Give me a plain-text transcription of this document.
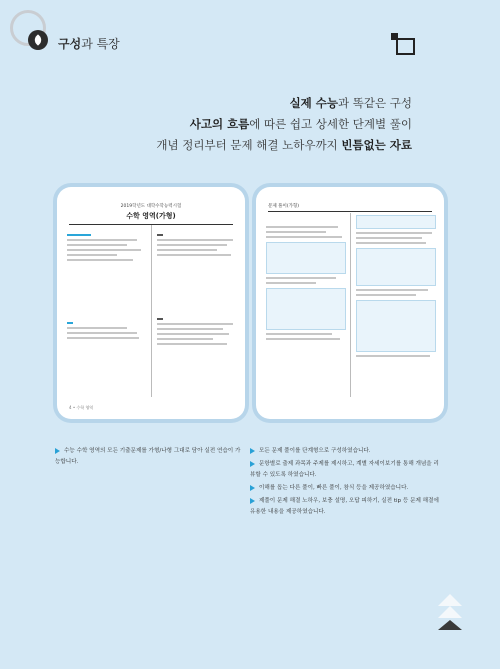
구성과 특장
실제 수능과 똑같은 구성
사고의 흐름에 따른 쉽고 상세한 단계별 풀이
개념 정리부터 문제 해결 노하우까지 빈틈없는 자료
2019학년도 대학수학능력시험
수학 영역(가형)
4 • 수학 영역
문제 풀이(가형)

수능 수학 영역의 모든 기출문제를 가형/나형 그대로 담아 실전 연습이 가능합니다.

모든 문제 풀이를 단계형으로 구성하였습니다.

문항별로 출제 과목과 주제를 제시하고, 계별 자세이보기를 통해 개념을 리뷰할 수 있도록 하였습니다.

이해를 돕는 다른 풀이, 빠른 풀이, 참식 등을 제공하였습니다.

제풀이 문제 해결 노하우, 보충 설명, 오답 피하기, 실전 tip 등 문제 해결에 유용한 내용을 제공하였습니다.
